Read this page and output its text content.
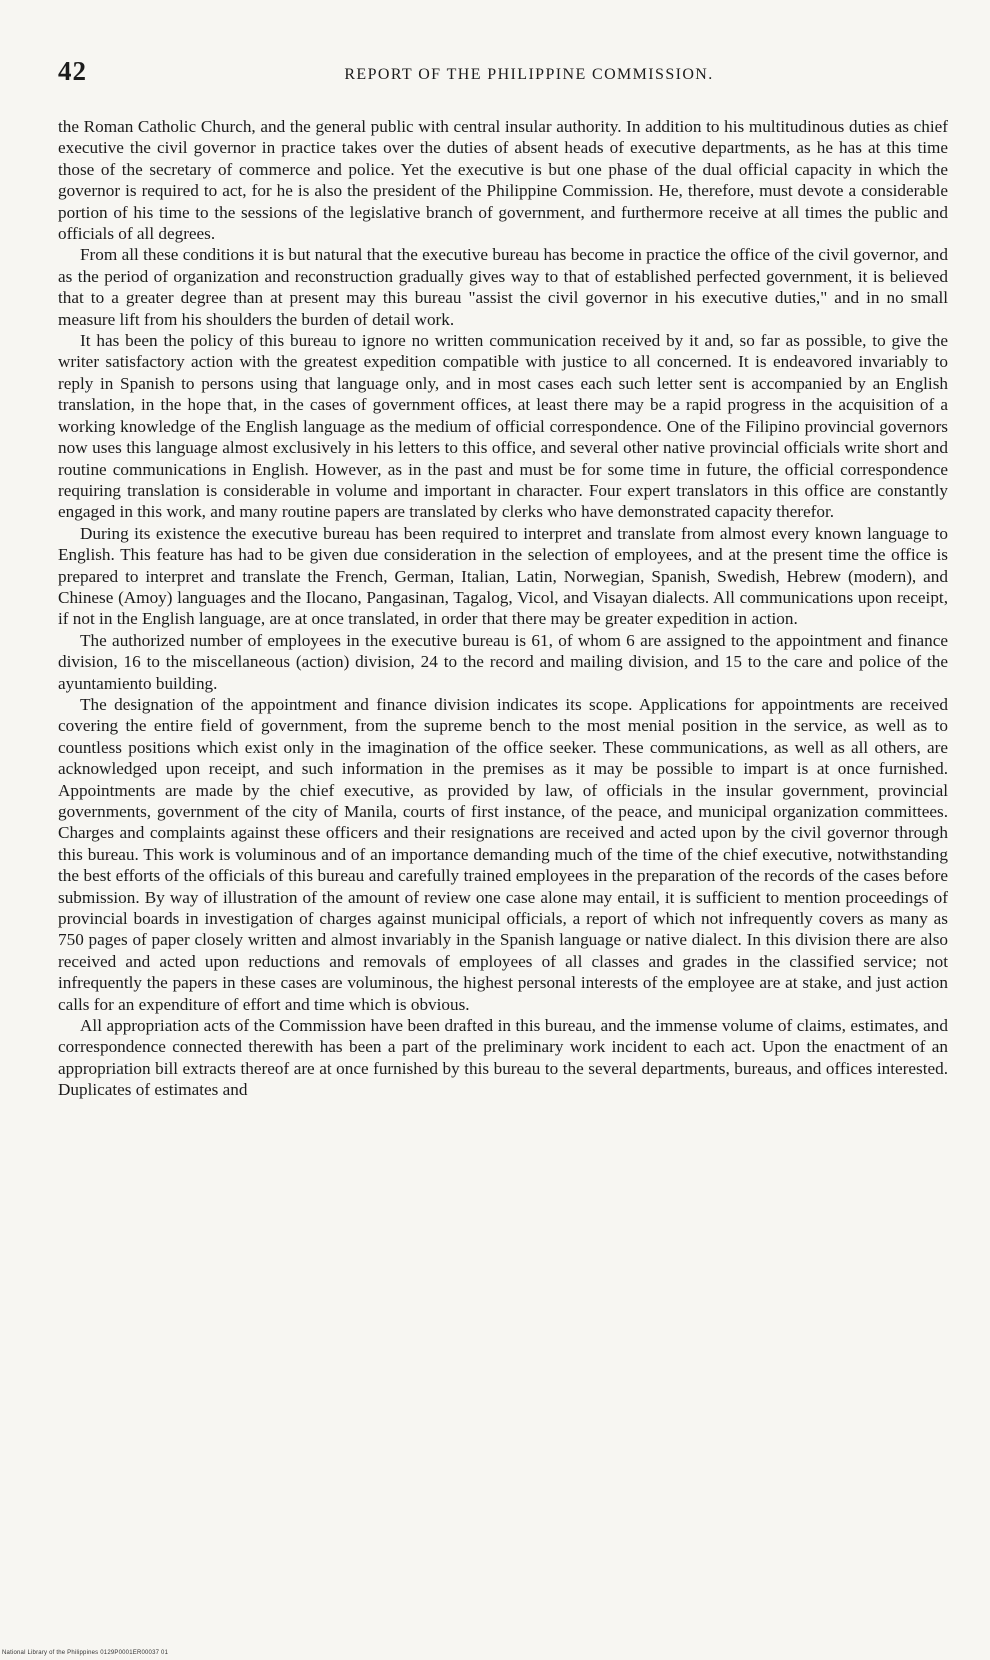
42	REPORT OF THE PHILIPPINE COMMISSION.

the Roman Catholic Church, and the general public with central insular authority. In addition to his multitudinous duties as chief executive the civil governor in practice takes over the duties of absent heads of executive departments, as he has at this time those of the secretary of commerce and police. Yet the executive is but one phase of the dual official capacity in which the governor is required to act, for he is also the president of the Philippine Commission. He, therefore, must devote a considerable portion of his time to the sessions of the legislative branch of government, and furthermore receive at all times the public and officials of all degrees.

From all these conditions it is but natural that the executive bureau has become in practice the office of the civil governor, and as the period of organization and reconstruction gradually gives way to that of established perfected government, it is believed that to a greater degree than at present may this bureau "assist the civil governor in his executive duties," and in no small measure lift from his shoulders the burden of detail work.

It has been the policy of this bureau to ignore no written communication received by it and, so far as possible, to give the writer satisfactory action with the greatest expedition compatible with justice to all concerned. It is endeavored invariably to reply in Spanish to persons using that language only, and in most cases each such letter sent is accompanied by an English translation, in the hope that, in the cases of government offices, at least there may be a rapid progress in the acquisition of a working knowledge of the English language as the medium of official correspondence. One of the Filipino provincial governors now uses this language almost exclusively in his letters to this office, and several other native provincial officials write short and routine communications in English. However, as in the past and must be for some time in future, the official correspondence requiring translation is considerable in volume and important in character. Four expert translators in this office are constantly engaged in this work, and many routine papers are translated by clerks who have demonstrated capacity therefor.

During its existence the executive bureau has been required to interpret and translate from almost every known language to English. This feature has had to be given due consideration in the selection of employees, and at the present time the office is prepared to interpret and translate the French, German, Italian, Latin, Norwegian, Spanish, Swedish, Hebrew (modern), and Chinese (Amoy) languages and the Ilocano, Pangasinan, Tagalog, Vicol, and Visayan dialects. All communications upon receipt, if not in the English language, are at once translated, in order that there may be greater expedition in action.

The authorized number of employees in the executive bureau is 61, of whom 6 are assigned to the appointment and finance division, 16 to the miscellaneous (action) division, 24 to the record and mailing division, and 15 to the care and police of the ayuntamiento building.

The designation of the appointment and finance division indicates its scope. Applications for appointments are received covering the entire field of government, from the supreme bench to the most menial position in the service, as well as to countless positions which exist only in the imagination of the office seeker. These communications, as well as all others, are acknowledged upon receipt, and such information in the premises as it may be possible to impart is at once furnished. Appointments are made by the chief executive, as provided by law, of officials in the insular government, provincial governments, government of the city of Manila, courts of first instance, of the peace, and municipal organization committees. Charges and complaints against these officers and their resignations are received and acted upon by the civil governor through this bureau. This work is voluminous and of an importance demanding much of the time of the chief executive, notwithstanding the best efforts of the officials of this bureau and carefully trained employees in the preparation of the records of the cases before submission. By way of illustration of the amount of review one case alone may entail, it is sufficient to mention proceedings of provincial boards in investigation of charges against municipal officials, a report of which not infrequently covers as many as 750 pages of paper closely written and almost invariably in the Spanish language or native dialect. In this division there are also received and acted upon reductions and removals of employees of all classes and grades in the classified service; not infrequently the papers in these cases are voluminous, the highest personal interests of the employee are at stake, and just action calls for an expenditure of effort and time which is obvious.

All appropriation acts of the Commission have been drafted in this bureau, and the immense volume of claims, estimates, and correspondence connected therewith has been a part of the preliminary work incident to each act. Upon the enactment of an appropriation bill extracts thereof are at once furnished by this bureau to the several departments, bureaus, and offices interested. Duplicates of estimates and

National Library of the Philippines 0129P0001ER00037 01
